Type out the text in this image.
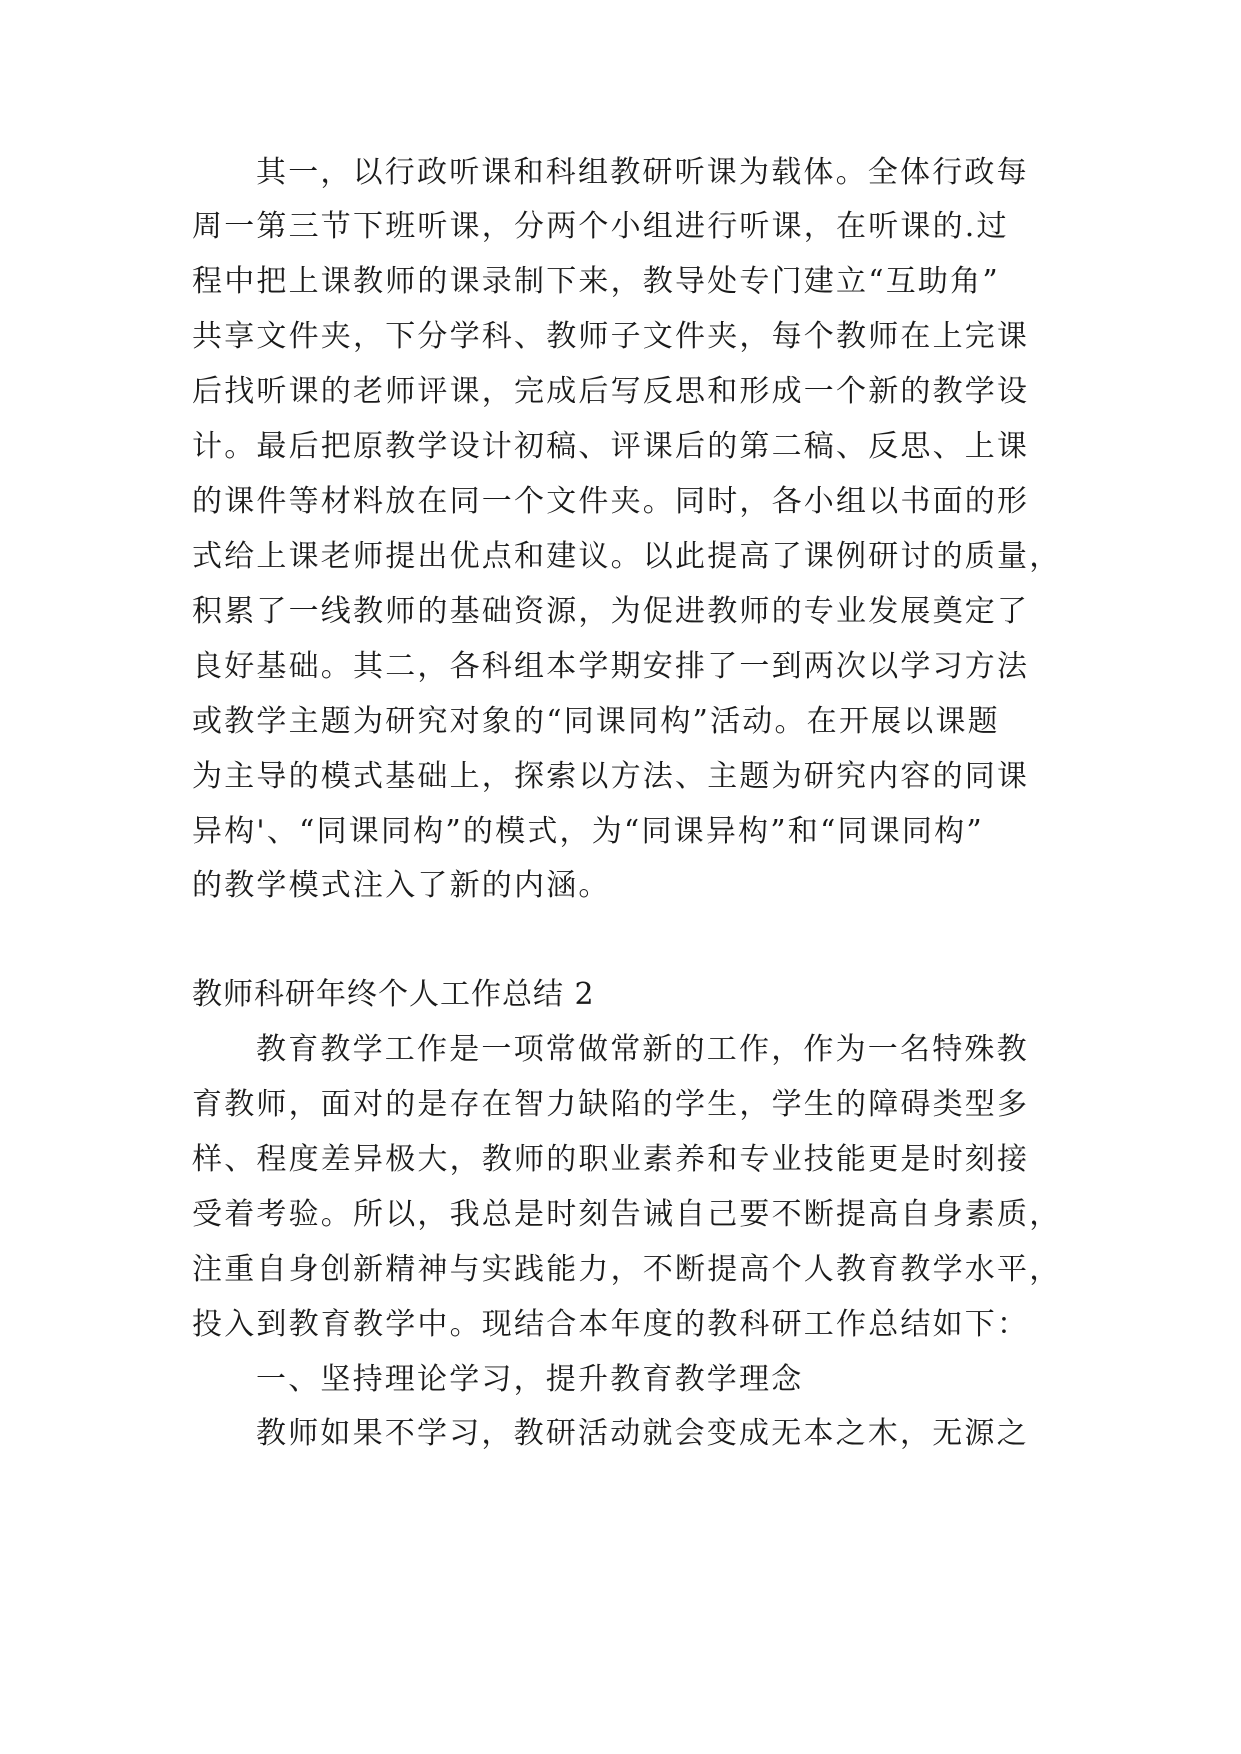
其一，以行政听课和科组教研听课为载体。全体行政每
周一第三节下班听课，分两个小组进行听课，在听课的.过
程中把上课教师的课录制下来，教导处专门建立“互助角”
共享文件夹，下分学科、教师子文件夹，每个教师在上完课
后找听课的老师评课，完成后写反思和形成一个新的教学设
计。最后把原教学设计初稿、评课后的第二稿、反思、上课
的课件等材料放在同一个文件夹。同时，各小组以书面的形
式给上课老师提出优点和建议。以此提高了课例研讨的质量，
积累了一线教师的基础资源，为促进教师的专业发展奠定了
良好基础。其二，各科组本学期安排了一到两次以学习方法
或教学主题为研究对象的“同课同构”活动。在开展以课题
为主导的模式基础上，探索以方法、主题为研究内容的同课
异构'、“同课同构”的模式，为“同课异构”和“同课同构”
的教学模式注入了新的内涵。
教师科研年终个人工作总结 2
教育教学工作是一项常做常新的工作，作为一名特殊教
育教师，面对的是存在智力缺陷的学生，学生的障碍类型多
样、程度差异极大，教师的职业素养和专业技能更是时刻接
受着考验。所以，我总是时刻告诫自己要不断提高自身素质，
注重自身创新精神与实践能力，不断提高个人教育教学水平，
投入到教育教学中。现结合本年度的教科研工作总结如下：
一、坚持理论学习，提升教育教学理念
教师如果不学习，教研活动就会变成无本之木，无源之
